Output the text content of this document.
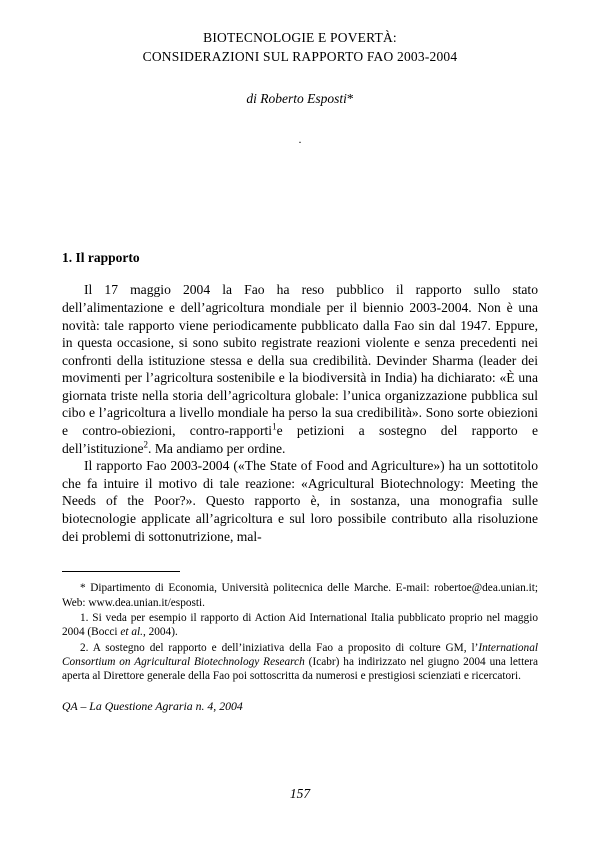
BIOTECNOLOGIE E POVERTÀ:
CONSIDERAZIONI SUL RAPPORTO FAO 2003-2004
di Roberto Esposti*
.
1. Il rapporto

Il 17 maggio 2004 la Fao ha reso pubblico il rapporto sullo stato dell’alimentazione e dell’agricoltura mondiale per il biennio 2003-2004. Non è una novità: tale rapporto viene periodicamente pubblicato dalla Fao sin dal 1947. Eppure, in questa occasione, si sono subito registrate reazioni violente e senza precedenti nei confronti della istituzione stessa e della sua credibilità. Devinder Sharma (leader dei movimenti per l’agricoltura sostenibile e la biodiversità in India) ha dichiarato: «È una giornata triste nella storia dell’agricoltura globale: l’unica organizzazione pubblica sul cibo e l’agricoltura a livello mondiale ha perso la sua credibilità». Sono sorte obiezioni e contro-obiezioni, contro-rapporti$^1$e petizioni a sostegno del rapporto e dell’istituzione$^2$. Ma andiamo per ordine.

Il rapporto Fao 2003-2004 («The State of Food and Agriculture») ha un sottotitolo che fa intuire il motivo di tale reazione: «Agricultural Biotechnology: Meeting the Needs of the Poor?». Questo rapporto è, in sostanza, una monografia sulle biotecnologie applicate all’agricoltura e sul loro possibile contributo alla risoluzione dei problemi di sottonutrizione, mal-

* Dipartimento di Economia, Università politecnica delle Marche. E-mail: robertoe@dea.unian.it; Web: www.dea.unian.it/esposti.

1. Si veda per esempio il rapporto di Action Aid International Italia pubblicato proprio nel maggio 2004 (Bocci et al., 2004).

2. A sostegno del rapporto e dell’iniziativa della Fao a proposito di colture GM, l’International Consortium on Agricultural Biotechnology Research (Icabr) ha indirizzato nel giugno 2004 una lettera aperta al Direttore generale della Fao poi sottoscritta da numerosi e prestigiosi scienziati e ricercatori.

QA – La Questione Agraria n. 4, 2004
157
